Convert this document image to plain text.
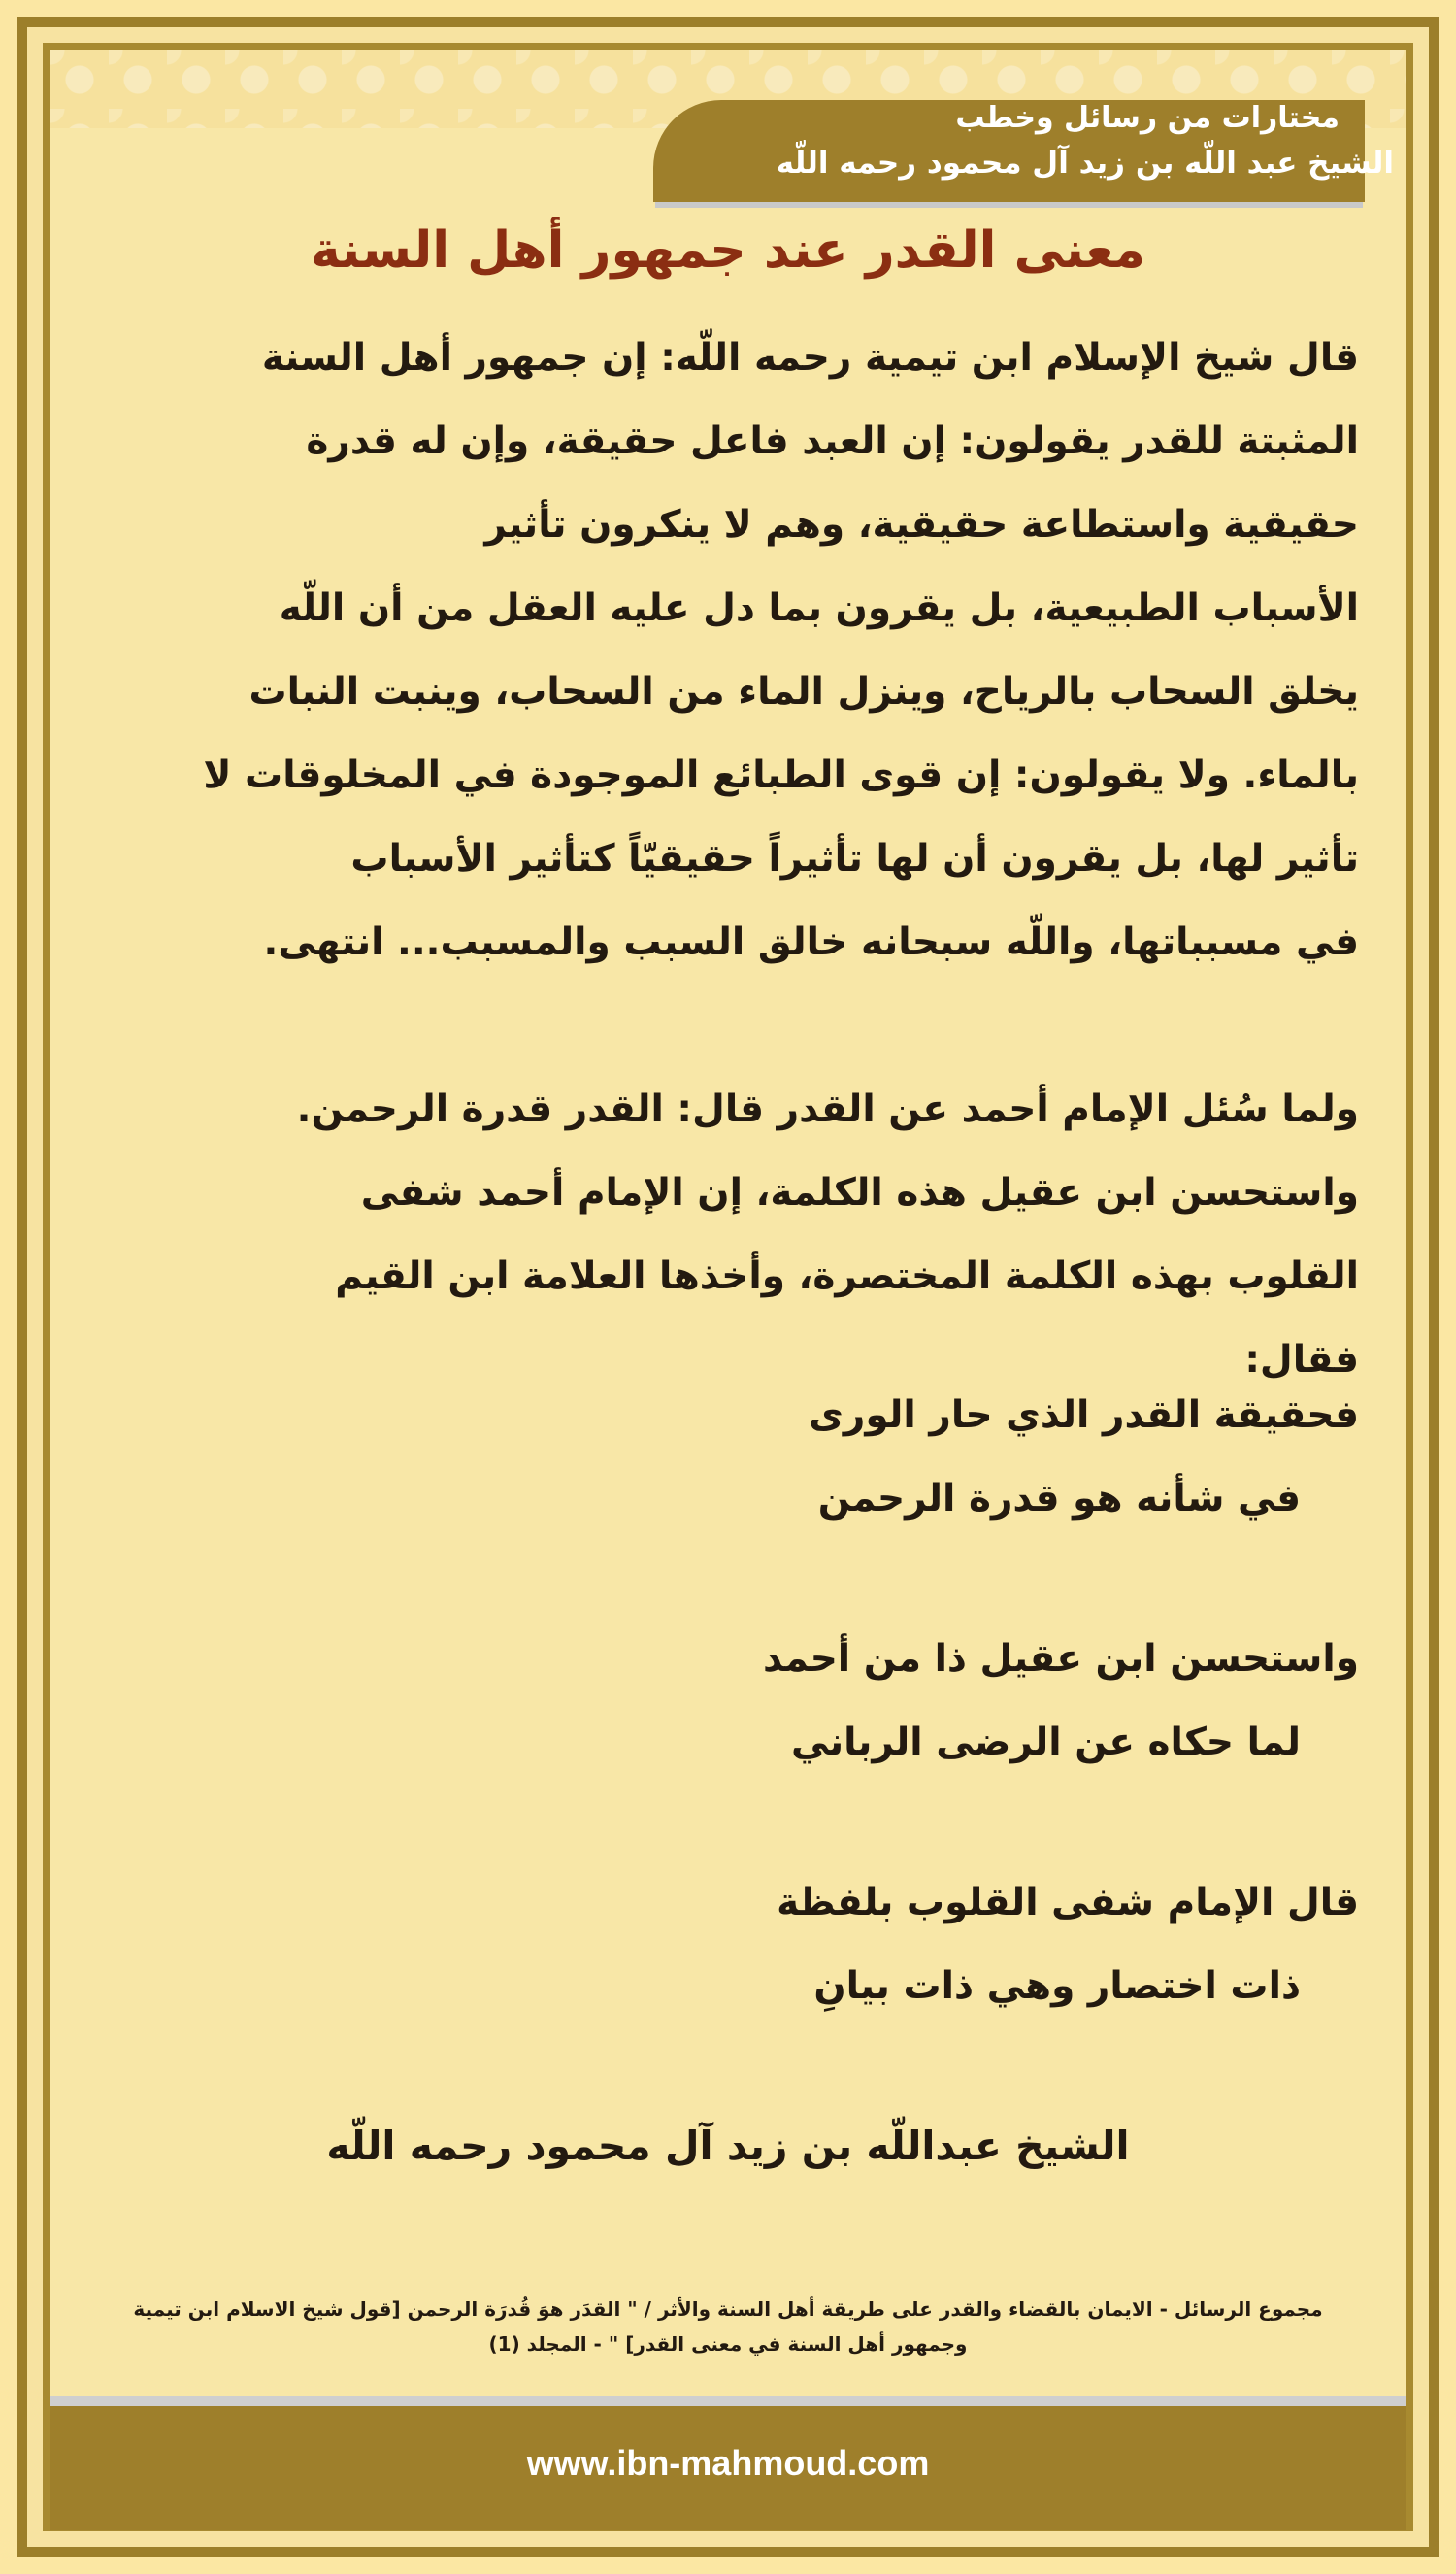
مختارات من رسائل وخطب
الشيخ عبد اللّه بن زيد آل محمود رحمه اللّه
معنى القدر عند جمهور أهل السنة
قال شيخ الإسلام ابن تيمية رحمه اللّه: إن جمهور أهل السنة
المثبتة للقدر يقولون: إن العبد فاعل حقيقة، وإن له قدرة
حقيقية واستطاعة حقيقية، وهم لا ينكرون تأثير
الأسباب الطبيعية، بل يقرون بما دل عليه العقل من أن اللّه
يخلق السحاب بالرياح، وينزل الماء من السحاب، وينبت النبات
بالماء. ولا يقولون: إن قوى الطبائع الموجودة في المخلوقات لا
تأثير لها، بل يقرون أن لها تأثيراً حقيقيّاً كتأثير الأسباب
في مسبباتها، واللّه سبحانه خالق السبب والمسبب... انتهى.
ولما سُئل الإمام أحمد عن القدر قال: القدر قدرة الرحمن.
واستحسن ابن عقيل هذه الكلمة، إن الإمام أحمد شفى
القلوب بهذه الكلمة المختصرة، وأخذها العلامة ابن القيم
فقال:
فحقيقة القدر الذي حار الورى
في شأنه هو قدرة الرحمن
واستحسن ابن عقيل ذا من أحمد
لما حكاه عن الرضى الرباني
قال الإمام شفى القلوب بلفظة
ذات اختصار وهي ذات بيانِ
الشيخ عبداللّه بن زيد آل محمود رحمه اللّه
مجموع الرسائل - الايمان بالقضاء والقدر على طريقة أهل السنة والأثر / " القدَر هوَ قُدرَة الرحمن [قول شيخ الاسلام ابن تيمية
وجمهور أهل السنة في معنى القدر] " - المجلد (1)
www.ibn-mahmoud.com
